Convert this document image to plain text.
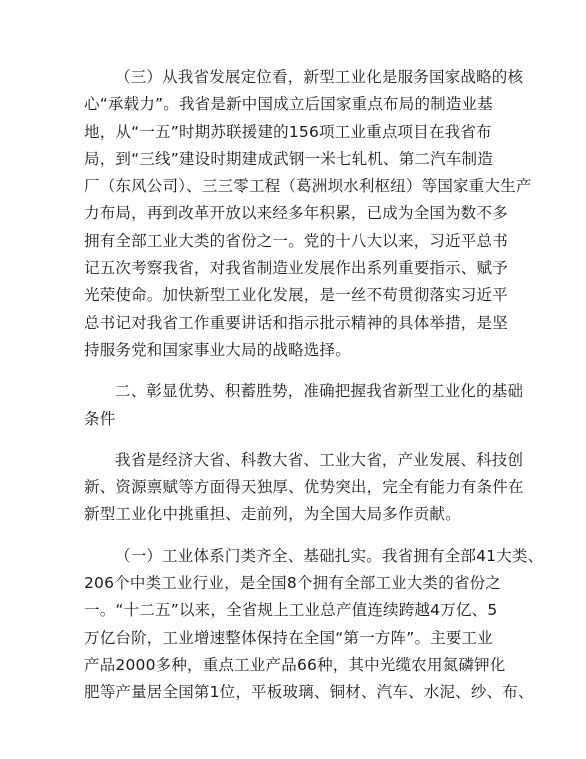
（三）从我省发展定位看，新型工业化是服务国家战略的核
心“承载力”。我省是新中国成立后国家重点布局的制造业基
地，从“一五”时期苏联援建的156项工业重点项目在我省布
局，到“三线”建设时期建成武钢一米七轧机、第二汽车制造
厂（东风公司）、三三零工程（葛洲坝水利枢纽）等国家重大生产
力布局，再到改革开放以来经多年积累，已成为全国为数不多
拥有全部工业大类的省份之一。党的十八大以来，习近平总书
记五次考察我省，对我省制造业发展作出系列重要指示、赋予
光荣使命。加快新型工业化发展，是一丝不苟贯彻落实习近平
总书记对我省工作重要讲话和指示批示精神的具体举措，是坚
持服务党和国家事业大局的战略选择。

二、彰显优势、积蓄胜势，准确把握我省新型工业化的基础
条件

我省是经济大省、科教大省、工业大省，产业发展、科技创
新、资源禀赋等方面得天独厚、优势突出，完全有能力有条件在
新型工业化中挑重担、走前列，为全国大局多作贡献。

（一）工业体系门类齐全、基础扎实。我省拥有全部41大类、
206个中类工业行业，是全国8个拥有全部工业大类的省份之
一。“十二五”以来，全省规上工业总产值连续跨越4万亿、5
万亿台阶，工业增速整体保持在全国“第一方阵”。主要工业
产品2000多种，重点工业产品66种，其中光缆农用氮磷钾化
肥等产量居全国第1位，平板玻璃、铜材、汽车、水泥、纱、布、
